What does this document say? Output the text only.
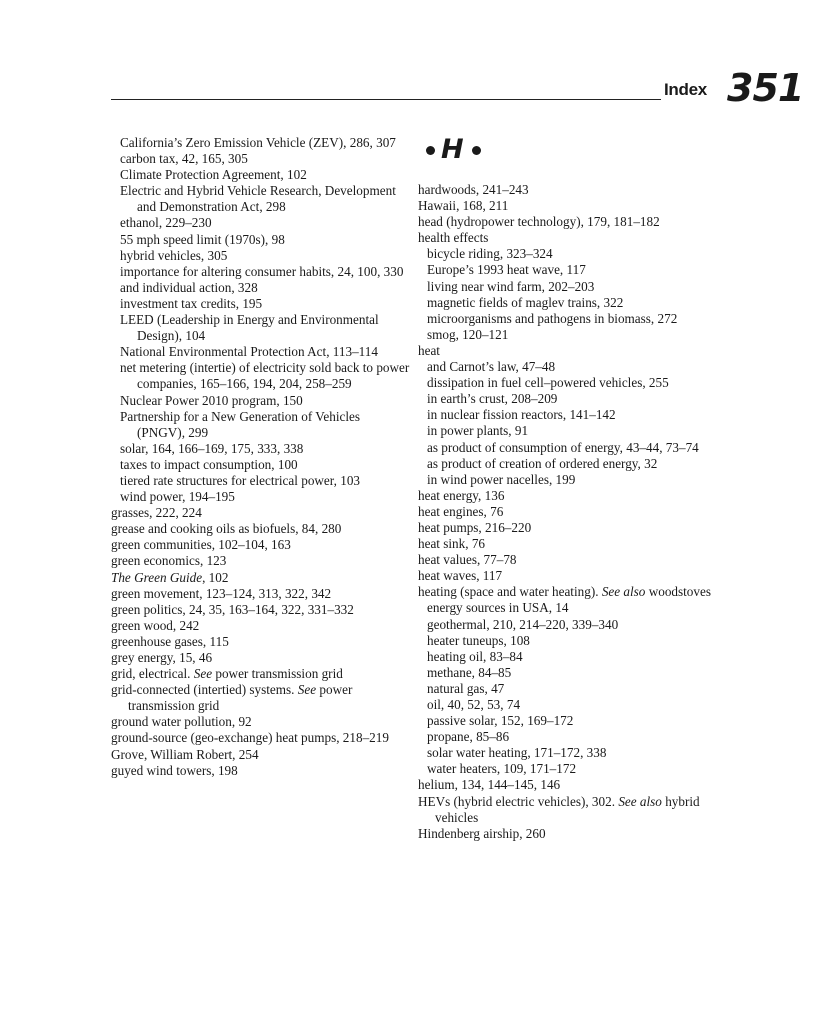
Index 351
California’s Zero Emission Vehicle (ZEV), 286, 307
carbon tax, 42, 165, 305
Climate Protection Agreement, 102
Electric and Hybrid Vehicle Research, Development and Demonstration Act, 298
ethanol, 229–230
55 mph speed limit (1970s), 98
hybrid vehicles, 305
importance for altering consumer habits, 24, 100, 330
and individual action, 328
investment tax credits, 195
LEED (Leadership in Energy and Environmental Design), 104
National Environmental Protection Act, 113–114
net metering (intertie) of electricity sold back to power companies, 165–166, 194, 204, 258–259
Nuclear Power 2010 program, 150
Partnership for a New Generation of Vehicles (PNGV), 299
solar, 164, 166–169, 175, 333, 338
taxes to impact consumption, 100
tiered rate structures for electrical power, 103
wind power, 194–195
grasses, 222, 224
grease and cooking oils as biofuels, 84, 280
green communities, 102–104, 163
green economics, 123
The Green Guide, 102
green movement, 123–124, 313, 322, 342
green politics, 24, 35, 163–164, 322, 331–332
green wood, 242
greenhouse gases, 115
grey energy, 15, 46
grid, electrical. See power transmission grid
grid-connected (intertied) systems. See power transmission grid
ground water pollution, 92
ground-source (geo-exchange) heat pumps, 218–219
Grove, William Robert, 254
guyed wind towers, 198
H
hardwoods, 241–243
Hawaii, 168, 211
head (hydropower technology), 179, 181–182
health effects
bicycle riding, 323–324
Europe’s 1993 heat wave, 117
living near wind farm, 202–203
magnetic fields of maglev trains, 322
microorganisms and pathogens in biomass, 272
smog, 120–121
heat
and Carnot’s law, 47–48
dissipation in fuel cell–powered vehicles, 255
in earth’s crust, 208–209
in nuclear fission reactors, 141–142
in power plants, 91
as product of consumption of energy, 43–44, 73–74
as product of creation of ordered energy, 32
in wind power nacelles, 199
heat energy, 136
heat engines, 76
heat pumps, 216–220
heat sink, 76
heat values, 77–78
heat waves, 117
heating (space and water heating). See also woodstoves
energy sources in USA, 14
geothermal, 210, 214–220, 339–340
heater tuneups, 108
heating oil, 83–84
methane, 84–85
natural gas, 47
oil, 40, 52, 53, 74
passive solar, 152, 169–172
propane, 85–86
solar water heating, 171–172, 338
water heaters, 109, 171–172
helium, 134, 144–145, 146
HEVs (hybrid electric vehicles), 302. See also hybrid vehicles
Hindenberg airship, 260
